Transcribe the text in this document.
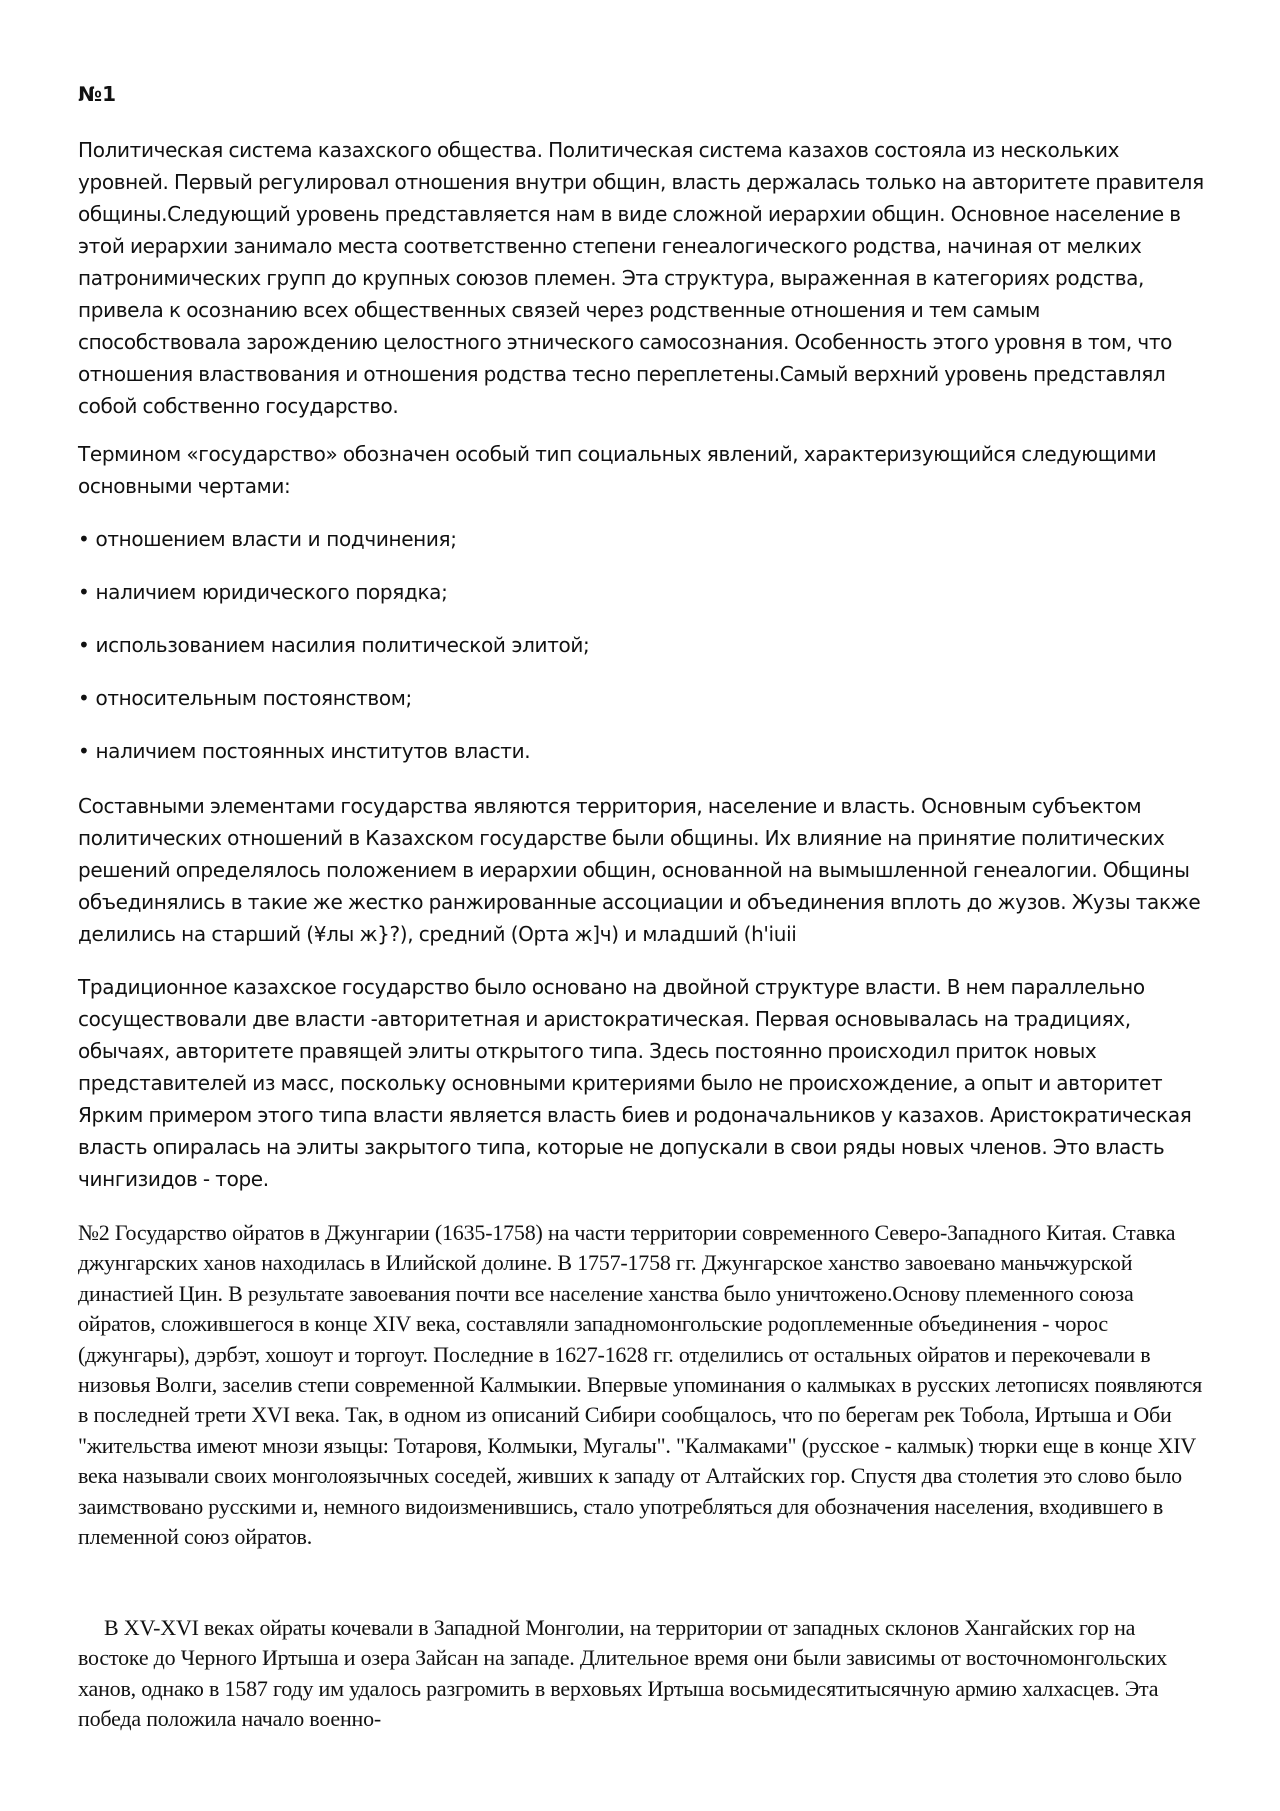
№1

Политическая система казахского общества. Политическая система казахов состояла из нескольких уровней. Первый регулировал отношения внутри общин, власть держалась только на авторитете правителя общины.Следующий уровень представляется нам в виде сложной иерархии общин. Основное население в этой иерархии занимало места соответственно степени генеалогического родства, начиная от мелких патронимических групп до крупных союзов племен. Эта структура, выраженная в категориях родства, привела к осознанию всех общественных связей через родственные отношения и тем самым способствовала зарождению целостного этнического самосознания. Особенность этого уровня в том, что отношения властвования и отношения родства тесно переплетены.Самый верхний уровень представлял собой собственно государство.

Термином «государство» обозначен особый тип социальных явлений, характеризующийся следующими основными чертами:

• отношением власти и подчинения;

• наличием юридического порядка;

• использованием насилия политической элитой;

• относительным постоянством;

• наличием постоянных институтов власти.

Составными элементами государства являются территория, население и власть. Основным субъектом политических отношений в Казахском государстве были общины. Их влияние на принятие политических решений определялось положением в иерархии общин, основанной на вымышленной генеалогии. Общины объединялись в такие же жестко ранжированные ассоциации и объединения вплоть до жузов. Жузы также делились на старший (¥лы ж}?), средний (Орта ж]ч) и младший (h'iuii

Традиционное казахское государство было основано на двойной структуре власти. В нем параллельно сосуществовали две власти -авторитетная и аристократическая. Первая основывалась на традициях, обычаях, авторитете правящей элиты открытого типа. Здесь постоянно происходил приток новых представителей из масс, поскольку основными критериями было не происхождение, а опыт и авторитет Ярким примером этого типа власти является власть биев и родоначальников у казахов. Аристократическая власть опиралась на элиты закрытого типа, которые не допускали в свои ряды новых членов. Это власть чингизидов - торе.

№2 Государство ойратов в Джунгарии (1635-1758) на части территории современного Северо-Западного Китая. Ставка джунгарских ханов находилась в Илийской долине. В 1757-1758 гг. Джунгарское ханство завоевано маньчжурской династией Цин. В результате завоевания почти все население ханства было уничтожено.Основу племенного союза ойратов, сложившегося в конце XIV века, составляли западномонгольские родоплеменные объединения - чорос (джунгары), дэрбэт, хошоут и торгоут. Последние в 1627-1628 гг. отделились от остальных ойратов и перекочевали в низовья Волги, заселив степи современной Калмыкии. Впервые упоминания о калмыках в русских летописях появляются в последней трети XVI века. Так, в одном из описаний Сибири сообщалось, что по берегам рек Тобола, Иртыша и Оби "жительства имеют мнози языцы: Тотаровя, Колмыки, Мугалы". "Калмаками" (русское - калмык) тюрки еще в конце XIV века называли своих монголоязычных соседей, живших к западу от Алтайских гор. Спустя два столетия это слово было заимствовано русскими и, немного видоизменившись, стало употребляться для обозначения населения, входившего в племенной союз ойратов.

В XV-XVI веках ойраты кочевали в Западной Монголии, на территории от западных склонов Хангайских гор на востоке до Черного Иртыша и озера Зайсан на западе. Длительное время они были зависимы от восточномонгольских ханов, однако в 1587 году им удалось разгромить в верховьях Иртыша восьмидесятитысячную армию халхасцев. Эта победа положила начало военно-
